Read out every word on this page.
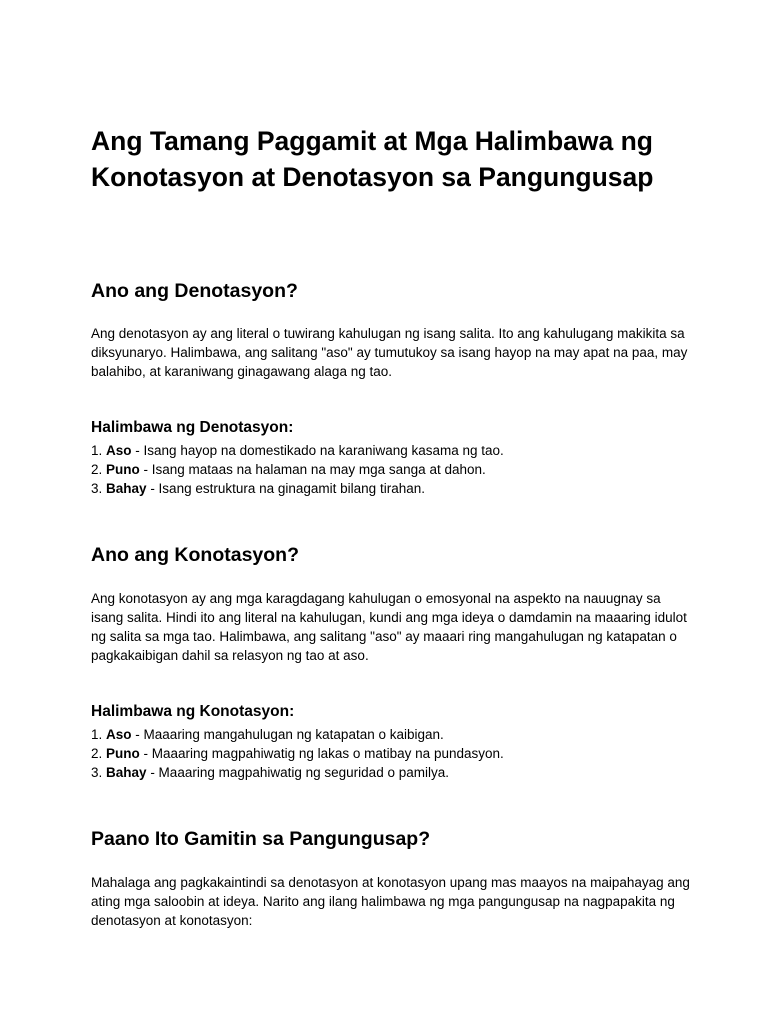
Ang Tamang Paggamit at Mga Halimbawa ng Konotasyon at Denotasyon sa Pangungusap
Ano ang Denotasyon?

Ang denotasyon ay ang literal o tuwirang kahulugan ng isang salita. Ito ang kahulugang makikita sa diksyunaryo. Halimbawa, ang salitang "aso" ay tumutukoy sa isang hayop na may apat na paa, may balahibo, at karaniwang ginagawang alaga ng tao.

Halimbawa ng Denotasyon:
1. Aso - Isang hayop na domestikado na karaniwang kasama ng tao.
2. Puno - Isang mataas na halaman na may mga sanga at dahon.
3. Bahay - Isang estruktura na ginagamit bilang tirahan.
Ano ang Konotasyon?

Ang konotasyon ay ang mga karagdagang kahulugan o emosyonal na aspekto na nauugnay sa isang salita. Hindi ito ang literal na kahulugan, kundi ang mga ideya o damdamin na maaaring idulot ng salita sa mga tao. Halimbawa, ang salitang "aso" ay maaari ring mangahulugan ng katapatan o pagkakaibigan dahil sa relasyon ng tao at aso.

Halimbawa ng Konotasyon:
1. Aso - Maaaring mangahulugan ng katapatan o kaibigan.
2. Puno - Maaaring magpahiwatig ng lakas o matibay na pundasyon.
3. Bahay - Maaaring magpahiwatig ng seguridad o pamilya.
Paano Ito Gamitin sa Pangungusap?

Mahalaga ang pagkakaintindi sa denotasyon at konotasyon upang mas maayos na maipahayag ang ating mga saloobin at ideya. Narito ang ilang halimbawa ng mga pangungusap na nagpapakita ng denotasyon at konotasyon:
